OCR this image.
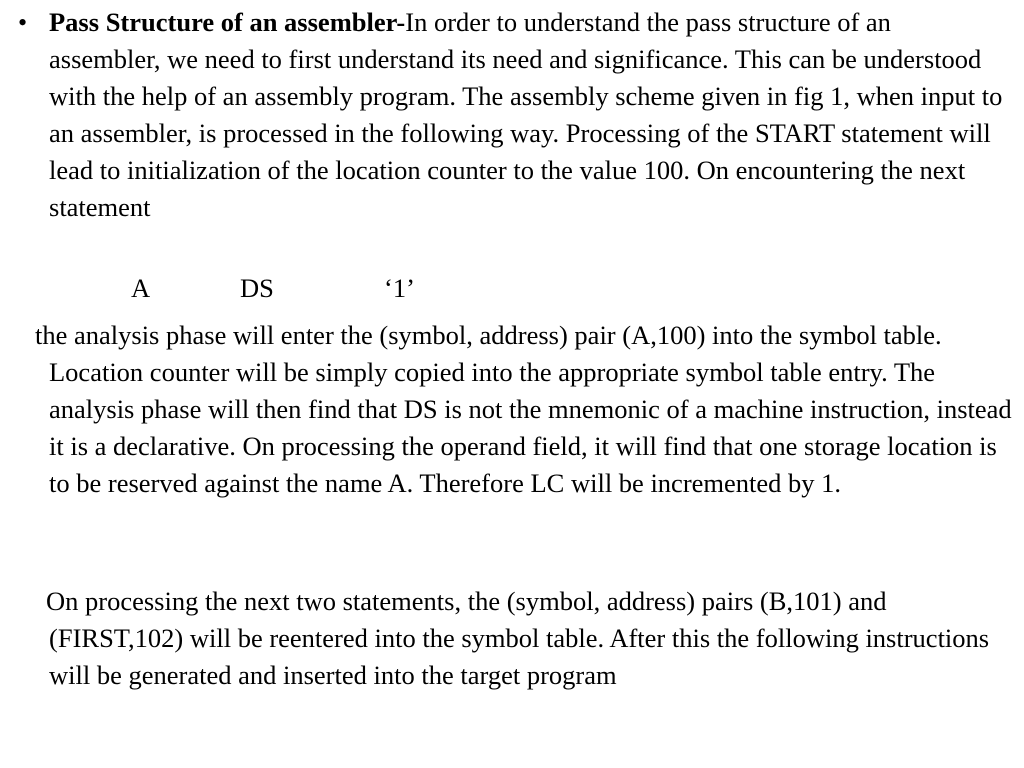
• Pass Structure of an assembler-In order to understand the pass structure of an assembler, we need to first understand its need and significance. This can be understood with the help of an assembly program. The assembly scheme given in fig 1, when input to an assembler, is processed in the following way. Processing of the START statement will lead to initialization of the location counter to the value 100. On encountering the next statement

A	DS	‘1’

the analysis phase will enter the (symbol, address) pair (A,100) into the symbol table. Location counter will be simply copied into the appropriate symbol table entry. The analysis phase will then find that DS is not the mnemonic of a machine instruction, instead it is a declarative. On processing the operand field, it will find that one storage location is to be reserved against the name A. Therefore LC will be incremented by 1.

On processing the next two statements, the (symbol, address) pairs (B,101) and (FIRST,102) will be reentered into the symbol table. After this the following instructions will be generated and inserted into the target program
